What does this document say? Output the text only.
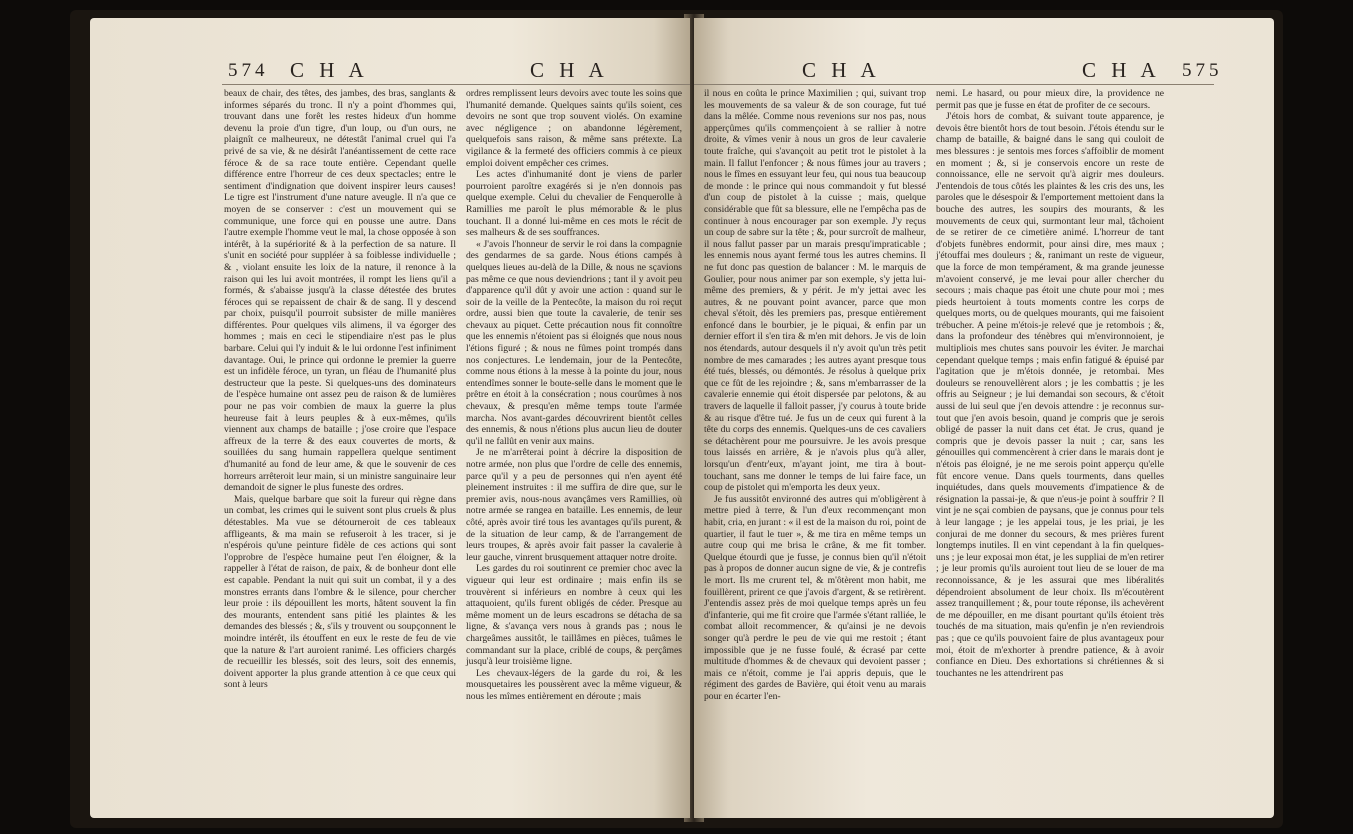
574 C H A	C H A

beaux de chair, des têtes, des jambes, des bras, sanglants & informes séparés du tronc. Il n'y a point d'hommes qui, trouvant dans une forêt les restes hideux d'un homme devenu la proie d'un tigre, d'un loup, ou d'un ours, ne plaignît ce malheureux, ne détestât l'animal cruel qui l'a privé de sa vie, & ne désirât l'anéantissement de cette race féroce & de sa race toute entière. Cependant quelle différence entre l'horreur de ces deux spectacles; entre le sentiment d'indignation que doivent inspirer leurs causes! Le tigre est l'instrument d'une nature aveugle. Il n'a que ce moyen de se conserver : c'est un mouvement qui se communique, une force qui en pousse une autre. Dans l'autre exemple l'homme veut le mal, la chose opposée à son intérêt, à la supériorité & à la perfection de sa nature. Il s'unit en société pour suppléer à sa foiblesse individuelle ; & , violant ensuite les loix de la nature, il renonce à la raison qui les lui avoit montrées, il rompt les liens qu'il a formés, & s'abaisse jusqu'à la classe détestée des brutes féroces qui se repaissent de chair & de sang. Il y descend par choix, puisqu'il pourroit subsister de mille manières différentes. Pour quelques vils alimens, il va égorger des hommes ; mais en ceci le stipendiaire n'est pas le plus barbare. Celui qui l'y induit & le lui ordonne l'est infiniment davantage. Oui, le prince qui ordonne le premier la guerre est un infidèle féroce, un tyran, un fléau de l'humanité plus destructeur que la peste. Si quelques-uns des dominateurs de l'espèce humaine ont assez peu de raison & de lumières pour ne pas voir combien de maux la guerre la plus heureuse fait à leurs peuples & à eux-mêmes, qu'ils viennent aux champs de bataille ; j'ose croire que l'espace affreux de la terre & des eaux couvertes de morts, & souillées du sang humain rappellera quelque sentiment d'humanité au fond de leur ame, & que le souvenir de ces horreurs arrêteroit leur main, si un ministre sanguinaire leur demandoit de signer le plus funeste des ordres.

Mais, quelque barbare que soit la fureur qui règne dans un combat, les crimes qui le suivent sont plus cruels & plus détestables. Ma vue se détourneroit de ces tableaux affligeants, & ma main se refuseroit à les tracer, si je n'espérois qu'une peinture fidèle de ces actions qui sont l'opprobre de l'espèce humaine peut l'en éloigner, & la rappeller à l'état de raison, de paix, & de bonheur dont elle est capable. Pendant la nuit qui suit un combat, il y a des monstres errants dans l'ombre & le silence, pour chercher leur proie : ils dépouillent les morts, hâtent souvent la fin des mourants, entendent sans pitié les plaintes & les demandes des blessés ; &, s'ils y trouvent ou soupçonnent le moindre intérêt, ils étouffent en eux le reste de feu de vie que la nature & l'art auroient ranimé. Les officiers chargés de recueillir les blessés, soit des leurs, soit des ennemis, doivent apporter la plus grande attention à ce que ceux qui sont à leurs

ordres remplissent leurs devoirs avec toute les soins que l'humanité demande. Quelques saints qu'ils soient, ces devoirs ne sont que trop souvent violés. On examine avec négligence ; on abandonne légèrement, quelquefois sans raison, & même sans prétexte. La vigilance & la fermeté des officiers commis à ce pieux emploi doivent empêcher ces crimes.

Les actes d'inhumanité dont je viens de parler pourroient paroître exagérés si je n'en donnois pas quelque exemple. Celui du chevalier de Fenquerolle à Ramillies me paroît le plus mémorable & le plus touchant. Il a donné lui-même en ces mots le récit de ses malheurs & de ses souffrances.

« J'avois l'honneur de servir le roi dans la compagnie des gendarmes de sa garde. Nous étions campés à quelques lieues au-delà de la Dille, & nous ne sçavions pas même ce que nous deviendrions ; tant il y avoit peu d'apparence qu'il dût y avoir une action : quand sur le soir de la veille de la Pentecôte, la maison du roi reçut ordre, aussi bien que toute la cavalerie, de tenir ses chevaux au piquet. Cette précaution nous fit connoître que les ennemis n'étoient pas si éloignés que nous nous l'étions figuré ; & nous ne fûmes point trompés dans nos conjectures. Le lendemain, jour de la Pentecôte, comme nous étions à la messe à la pointe du jour, nous entendîmes sonner le boute-selle dans le moment que le prêtre en étoit à la consécration ; nous courûmes à nos chevaux, & presqu'en même temps toute l'armée marcha. Nos avant-gardes découvrirent bientôt celles des ennemis, & nous n'étions plus aucun lieu de douter qu'il ne fallût en venir aux mains.

Je ne m'arrêterai point à décrire la disposition de notre armée, non plus que l'ordre de celle des ennemis, parce qu'il y a peu de personnes qui n'en ayent été pleinement instruites : il me suffira de dire que, sur le premier avis, nous-nous avançâmes vers Ramillies, où notre armée se rangea en bataille. Les ennemis, de leur côté, après avoir tiré tous les avantages qu'ils purent, & de la situation de leur camp, & de l'arrangement de leurs troupes, & après avoir fait passer la cavalerie à leur gauche, vinrent brusquement attaquer notre droite.

Les gardes du roi soutinrent ce premier choc avec la vigueur qui leur est ordinaire ; mais enfin ils se trouvèrent si inférieurs en nombre à ceux qui les attaquoient, qu'ils furent obligés de céder. Presque au même moment un de leurs escadrons se détacha de sa ligne, & s'avança vers nous à grands pas ; nous le chargeâmes aussitôt, le taillâmes en pièces, tuâmes le commandant sur la place, criblé de coups, & perçâmes jusqu'à leur troisième ligne.

Les chevaux-légers de la garde du roi, & les mousquetaires les poussèrent avec la même vigueur, & nous les mîmes entièrement en déroute ; mais

C H A	C H A 575

il nous en coûta le prince Maximilien ; qui, suivant trop les mouvements de sa valeur & de son courage, fut tué dans la mêlée. Comme nous revenions sur nos pas, nous apperçûmes qu'ils commençoient à se rallier à notre droite, & vîmes venir à nous un gros de leur cavalerie toute fraîche, qui s'avançoit au petit trot le pistolet à la main. Il fallut l'enfoncer ; & nous fûmes jour au travers ; nous le fîmes en essuyant leur feu, qui nous tua beaucoup de monde : le prince qui nous commandoit y fut blessé d'un coup de pistolet à la cuisse ; mais, quelque considérable que fût sa blessure, elle ne l'empêcha pas de continuer à nous encourager par son exemple. J'y reçus un coup de sabre sur la tête ; &, pour surcroît de malheur, il nous fallut passer par un marais presqu'impraticable ; les ennemis nous ayant fermé tous les autres chemins. Il ne fut donc pas question de balancer : M. le marquis de Goulier, pour nous animer par son exemple, s'y jetta lui-même des premiers, & y périt. Je m'y jettai avec les autres, & ne pouvant point avancer, parce que mon cheval s'étoit, dès les premiers pas, presque entièrement enfoncé dans le bourbier, je le piquai, & enfin par un dernier effort il s'en tira & m'en mit dehors. Je vis de loin nos étendards, autour desquels il n'y avoit qu'un très petit nombre de mes camarades ; les autres ayant presque tous été tués, blessés, ou démontés. Je résolus à quelque prix que ce fût de les rejoindre ; &, sans m'embarrasser de la cavalerie ennemie qui étoit dispersée par pelotons, & au travers de laquelle il falloit passer, j'y courus à toute bride & au risque d'être tué. Je fus un de ceux qui furent à la tête du corps des ennemis. Quelques-uns de ces cavaliers se détachèrent pour me poursuivre. Je les avois presque tous laissés en arrière, & je n'avois plus qu'à aller, lorsqu'un d'entr'eux, m'ayant joint, me tira à bout-touchant, sans me donner le temps de lui faire face, un coup de pistolet qui m'emporta les deux yeux.

Je fus aussitôt environné des autres qui m'obligèrent à mettre pied à terre, & l'un d'eux recommençant mon habit, cria, en jurant : « il est de la maison du roi, point de quartier, il faut le tuer », & me tira en même temps un autre coup qui me brisa le crâne, & me fit tomber. Quelque étourdi que je fusse, je connus bien qu'il n'étoit pas à propos de donner aucun signe de vie, & je contrefis le mort. Ils me crurent tel, & m'ôtèrent mon habit, me fouillèrent, prirent ce que j'avois d'argent, & se retirèrent. J'entendis assez près de moi quelque temps après un feu d'infanterie, qui me fit croire que l'armée s'étant ralliée, le combat alloit recommencer, & qu'ainsi je ne devois songer qu'à perdre le peu de vie qui me restoit ; étant impossible que je ne fusse foulé, & écrasé par cette multitude d'hommes & de chevaux qui devoient passer ; mais ce n'étoit, comme je l'ai appris depuis, que le régiment des gardes de Bavière, qui étoit venu au marais pour en écarter l'en-

nemi. Le hasard, ou pour mieux dire, la providence ne permit pas que je fusse en état de profiter de ce secours.

J'étois hors de combat, & suivant toute apparence, je devois être bientôt hors de tout besoin. J'étois étendu sur le champ de bataille, & baigné dans le sang qui couloit de mes blessures : je sentois mes forces s'affoiblir de moment en moment ; &, si je conservois encore un reste de connoissance, elle ne servoit qu'à aigrir mes douleurs. J'entendois de tous côtés les plaintes & les cris des uns, les paroles que le désespoir & l'emportement mettoient dans la bouche des autres, les soupirs des mourants, & les mouvements de ceux qui, surmontant leur mal, tâchoient de se retirer de ce cimetière animé. L'horreur de tant d'objets funèbres endormit, pour ainsi dire, mes maux ; j'étouffai mes douleurs ; &, ranimant un reste de vigueur, que la force de mon tempérament, & ma grande jeunesse m'avoient conservé, je me levai pour aller chercher du secours ; mais chaque pas étoit une chute pour moi ; mes pieds heurtoient à touts moments contre les corps de quelques morts, ou de quelques mourants, qui me faisoient trébucher. A peine m'étois-je relevé que je retombois ; &, dans la profondeur des ténèbres qui m'environnoient, je multipliois mes chutes sans pouvoir les éviter. Je marchai cependant quelque temps ; mais enfin fatigué & épuisé par l'agitation que je m'étois donnée, je retombai. Mes douleurs se renouvellèrent alors ; je les combattis ; je les offris au Seigneur ; je lui demandai son secours, & c'étoit aussi de lui seul que j'en devois attendre : je reconnus sur-tout que j'en avois besoin, quand je compris que je serois obligé de passer la nuit dans cet état. Je crus, quand je compris que je devois passer la nuit ; car, sans les génouilles qui commencèrent à crier dans le marais dont je n'étois pas éloigné, je ne me serois point apperçu qu'elle fût encore venue. Dans quels tourments, dans quelles inquiétudes, dans quels mouvements d'impatience & de résignation la passai-je, & que n'eus-je point à souffrir ? Il vint je ne sçai combien de paysans, que je connus pour tels à leur langage ; je les appelai tous, je les priai, je les conjurai de me donner du secours, & mes prières furent longtemps inutiles. Il en vint cependant à la fin quelques-uns ; je leur exposai mon état, je les suppliai de m'en retirer ; je leur promis qu'ils auroient tout lieu de se louer de ma reconnoissance, & je les assurai que mes libéralités dépendroient absolument de leur choix. Ils m'écoutèrent assez tranquillement ; &, pour toute réponse, ils achevèrent de me dépouiller, en me disant pourtant qu'ils étoient très touchés de ma situation, mais qu'enfin je n'en reviendrois pas ; que ce qu'ils pouvoient faire de plus avantageux pour moi, étoit de m'exhorter à prendre patience, & à avoir confiance en Dieu. Des exhortations si chrétiennes & si touchantes ne les attendrirent pas
